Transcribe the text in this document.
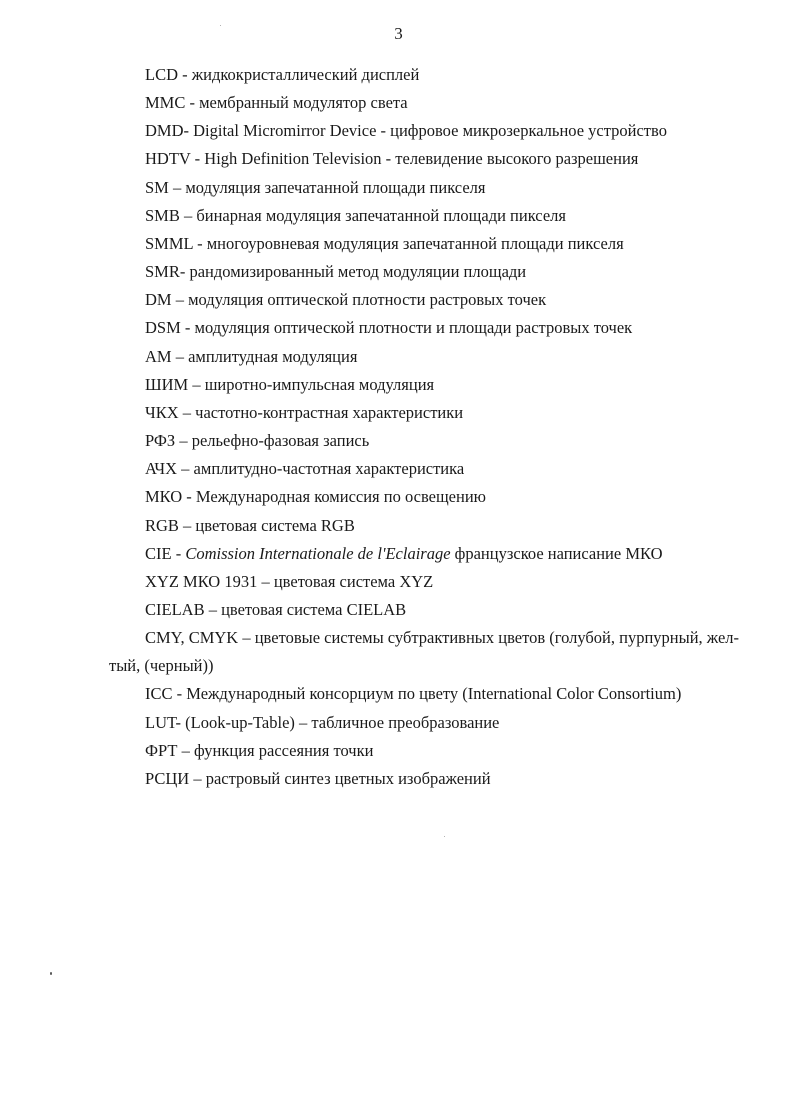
3
LCD - жидкокристаллический дисплей
MMC - мембранный модулятор света
DMD- Digital Micromirror Device - цифровое микрозеркальное устройство
HDTV - High Definition Television - телевидение высокого разрешения
SM – модуляция запечатанной площади пикселя
SMB – бинарная модуляция запечатанной площади пикселя
SMML - многоуровневая модуляция запечатанной площади пикселя
SMR- рандомизированный метод модуляции площади
DM – модуляция оптической плотности растровых точек
DSM - модуляция оптической плотности и площади растровых точек
AM – амплитудная модуляция
ШИМ – широтно-импульсная модуляция
ЧКХ – частотно-контрастная характеристики
РФЗ – рельефно-фазовая запись
АЧХ – амплитудно-частотная характеристика
МКО - Международная комиссия по освещению
RGB – цветовая система RGB
CIE - Comission Internationale de l'Eclairage французское написание МКО
XYZ МКО 1931 – цветовая система XYZ
CIELAB – цветовая система CIELAB
CMY, CMYK – цветовые системы субтрактивных цветов (голубой, пурпурный, жел-
тый, (черный))
ICC - Международный консорциум по цвету (International Color Consortium)
LUT- (Look-up-Table) – табличное преобразование
ФРТ – функция рассеяния точки
РСЦИ – растровый синтез цветных изображений
